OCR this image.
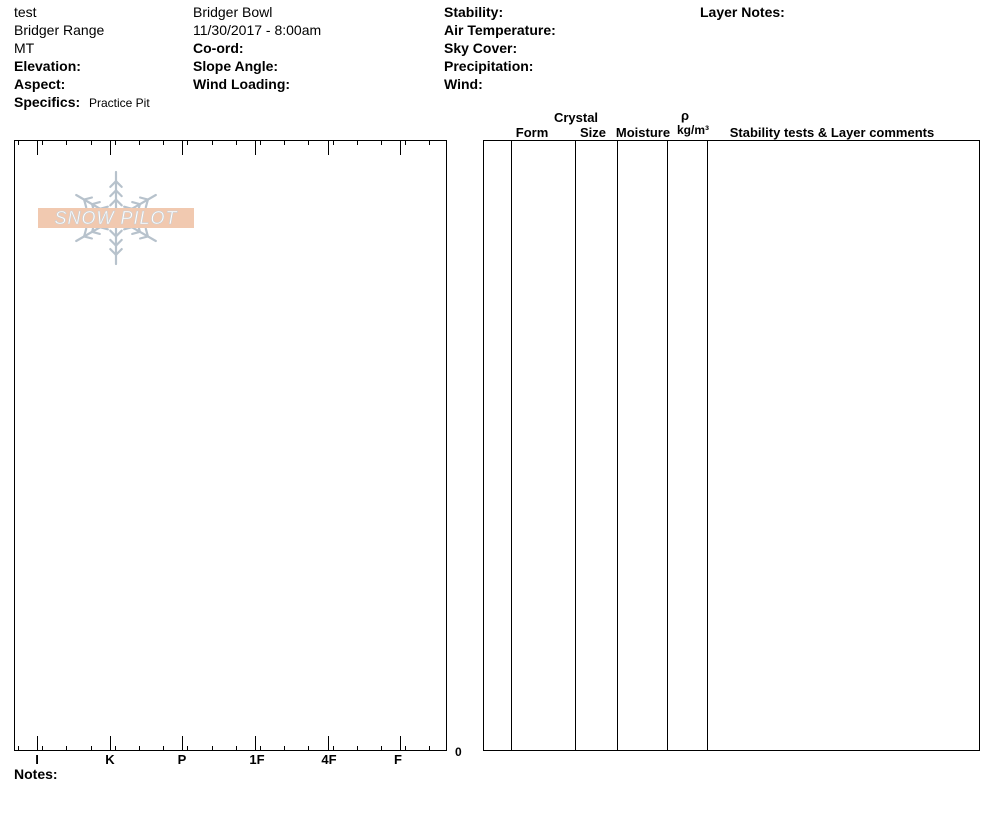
test
Bridger Range
MT
Elevation:
Aspect:
Specifics: Practice Pit
Bridger Bowl
11/30/2017 - 8:00am
Co-ord:
Slope Angle:
Wind Loading:
Stability:
Air Temperature:
Sky Cover:
Precipitation:
Wind:
Layer Notes:
Crystal
Form	Size Moisture
ρ
kg/m³	Stability tests & Layer comments
SNOW PILOT
I	K	P	1F	4F	F	0
Notes:
